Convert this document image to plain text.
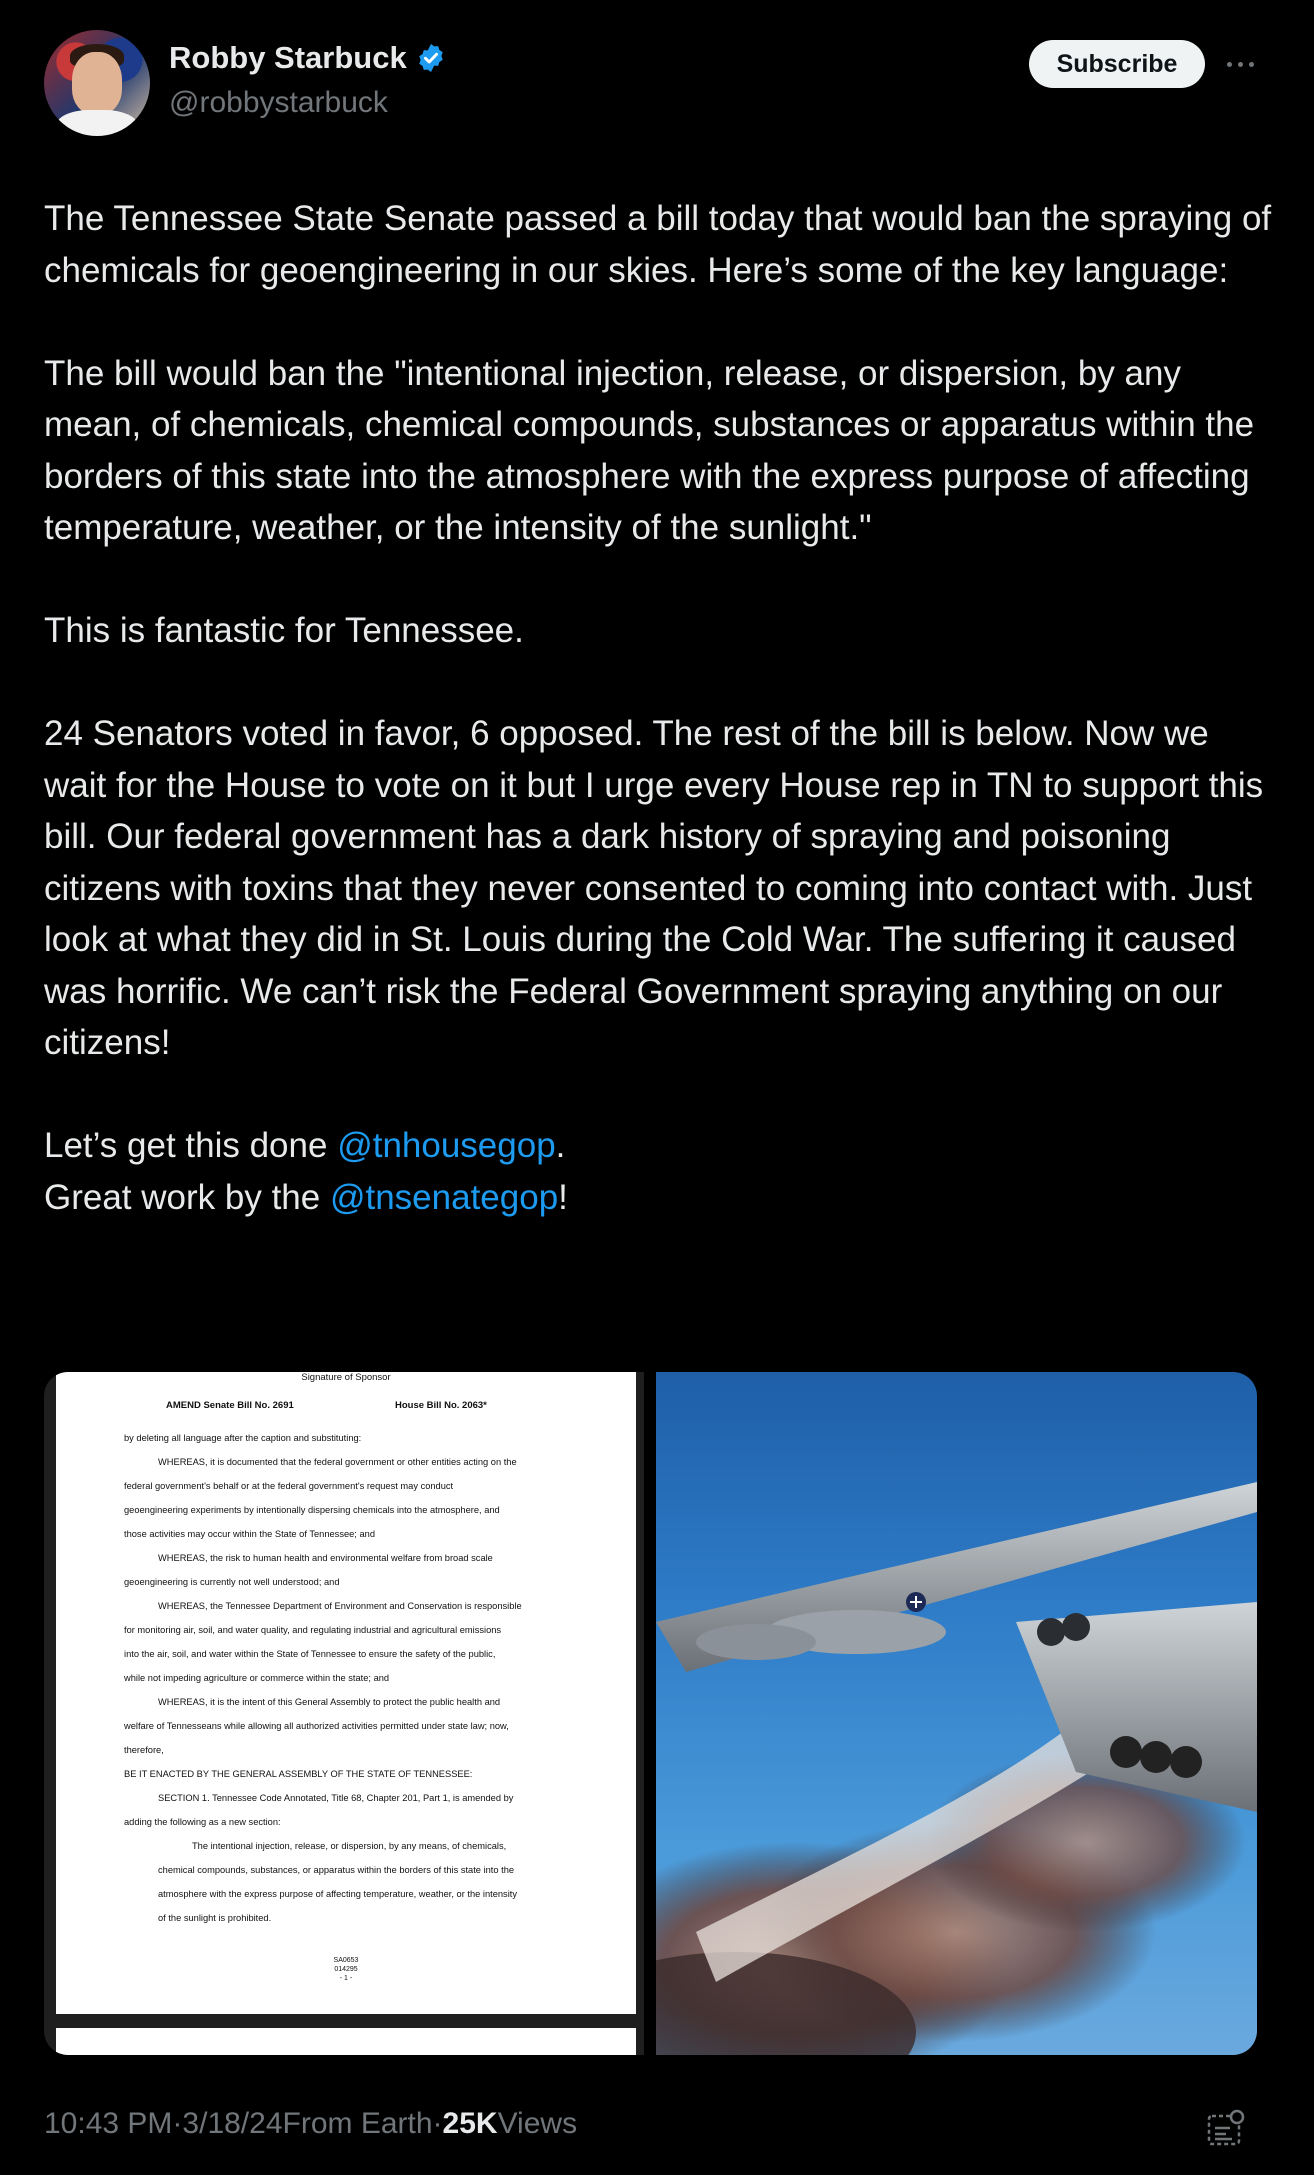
Robby Starbuck
@robbystarbuck
Subscribe

The Tennessee State Senate passed a bill today that would ban the spraying of chemicals for geoengineering in our skies. Here’s some of the key language:

The bill would ban the "intentional injection, release, or dispersion, by any mean, of chemicals, chemical compounds, substances or apparatus within the borders of this state into the atmosphere with the express purpose of affecting temperature, weather, or the intensity of the sunlight."

This is fantastic for Tennessee.

24 Senators voted in favor, 6 opposed. The rest of the bill is below. Now we wait for the House to vote on it but I urge every House rep in TN to support this bill. Our federal government has a dark history of spraying and poisoning citizens with toxins that they never consented to coming into contact with. Just look at what they did in St. Louis during the Cold War. The suffering it caused was horrific. We can’t risk the Federal Government spraying anything on our citizens!

Let’s get this done @tnhousegop.
Great work by the @tnsenategop!

Signature of Sponsor
AMEND Senate Bill No. 2691	House Bill No. 2063*
by deleting all language after the caption and substituting:
WHEREAS, it is documented that the federal government or other entities acting on the
federal government's behalf or at the federal government's request may conduct
geoengineering experiments by intentionally dispersing chemicals into the atmosphere, and
those activities may occur within the State of Tennessee; and
WHEREAS, the risk to human health and environmental welfare from broad scale
geoengineering is currently not well understood; and
WHEREAS, the Tennessee Department of Environment and Conservation is responsible
for monitoring air, soil, and water quality, and regulating industrial and agricultural emissions
into the air, soil, and water within the State of Tennessee to ensure the safety of the public,
while not impeding agriculture or commerce within the state; and
WHEREAS, it is the intent of this General Assembly to protect the public health and
welfare of Tennesseans while allowing all authorized activities permitted under state law; now,
therefore,
BE IT ENACTED BY THE GENERAL ASSEMBLY OF THE STATE OF TENNESSEE:
SECTION 1. Tennessee Code Annotated, Title 68, Chapter 201, Part 1, is amended by
adding the following as a new section:
The intentional injection, release, or dispersion, by any means, of chemicals,
chemical compounds, substances, or apparatus within the borders of this state into the
atmosphere with the express purpose of affecting temperature, weather, or the intensity
of the sunlight is prohibited.
SA0653
014295
- 1 -
10:43 PM · 3/18/24 From Earth · 25K Views
